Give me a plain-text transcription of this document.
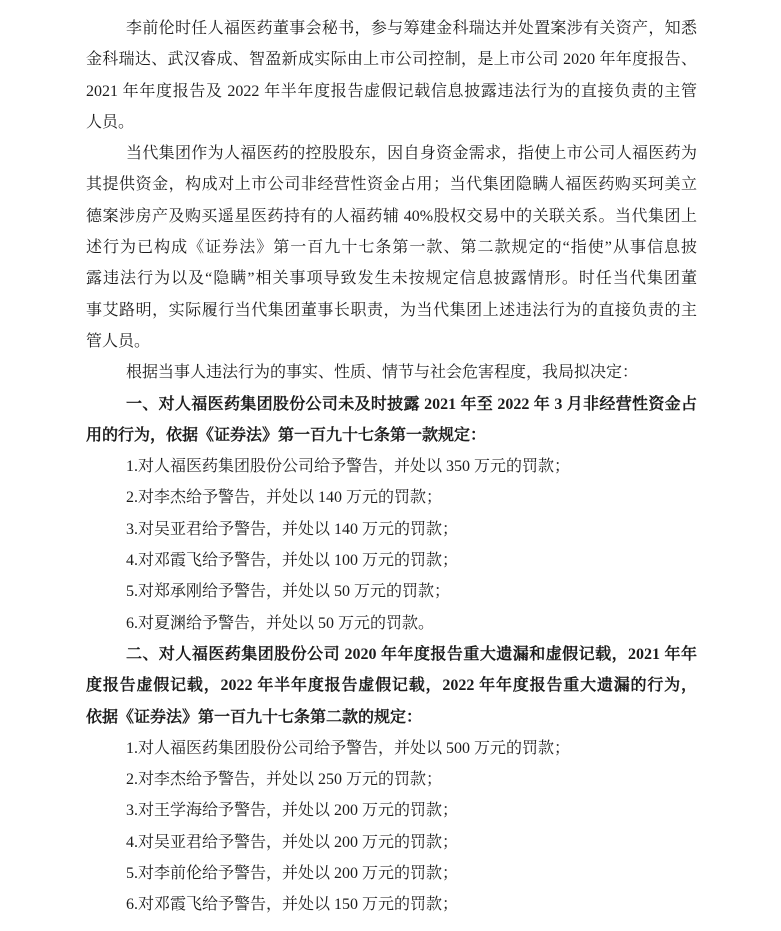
李前伦时任人福医药董事会秘书，参与筹建金科瑞达并处置案涉有关资产，知悉
金科瑞达、武汉睿成、智盈新成实际由上市公司控制，是上市公司 2020 年年度报告、
2021 年年度报告及 2022 年半年度报告虚假记载信息披露违法行为的直接负责的主管
人员。
当代集团作为人福医药的控股股东，因自身资金需求，指使上市公司人福医药为
其提供资金，构成对上市公司非经营性资金占用；当代集团隐瞒人福医药购买珂美立
德案涉房产及购买遥星医药持有的人福药辅 40%股权交易中的关联关系。当代集团上
述行为已构成《证券法》第一百九十七条第一款、第二款规定的“指使”从事信息披
露违法行为以及“隐瞒”相关事项导致发生未按规定信息披露情形。时任当代集团董
事艾路明，实际履行当代集团董事长职责，为当代集团上述违法行为的直接负责的主
管人员。
根据当事人违法行为的事实、性质、情节与社会危害程度，我局拟决定：
一、对人福医药集团股份公司未及时披露 2021 年至 2022 年 3 月非经营性资金占
用的行为，依据《证券法》第一百九十七条第一款规定：
1.对人福医药集团股份公司给予警告，并处以 350 万元的罚款；
2.对李杰给予警告，并处以 140 万元的罚款；
3.对吴亚君给予警告，并处以 140 万元的罚款；
4.对邓霞飞给予警告，并处以 100 万元的罚款；
5.对郑承刚给予警告，并处以 50 万元的罚款；
6.对夏渊给予警告，并处以 50 万元的罚款。
二、对人福医药集团股份公司 2020 年年度报告重大遗漏和虚假记载，2021 年年
度报告虚假记载，2022 年半年度报告虚假记载，2022 年年度报告重大遗漏的行为，
依据《证券法》第一百九十七条第二款的规定：
1.对人福医药集团股份公司给予警告，并处以 500 万元的罚款；
2.对李杰给予警告，并处以 250 万元的罚款；
3.对王学海给予警告，并处以 200 万元的罚款；
4.对吴亚君给予警告，并处以 200 万元的罚款；
5.对李前伦给予警告，并处以 200 万元的罚款；
6.对邓霞飞给予警告，并处以 150 万元的罚款；
